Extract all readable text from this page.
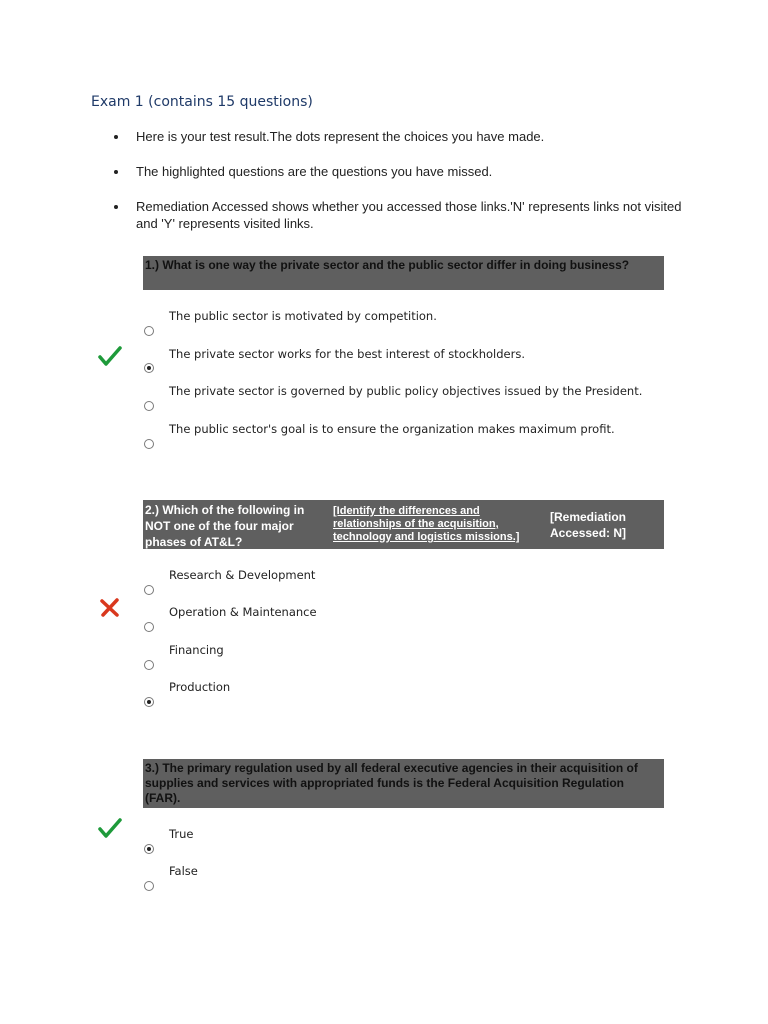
Exam 1 (contains 15 questions)
Here is your test result.The dots represent the choices you have made.
The highlighted questions are the questions you have missed.
Remediation Accessed shows whether you accessed those links.'N' represents links not visited and 'Y' represents visited links.
1.) What is one way the private sector and the public sector differ in doing business?
The public sector is motivated by competition.
The private sector works for the best interest of stockholders.
The private sector is governed by public policy objectives issued by the President.
The public sector's goal is to ensure the organization makes maximum profit.
2.) Which of the following in NOT one of the four major phases of AT&L?
[Identify the differences and relationships of the acquisition, technology and logistics missions.]
[Remediation Accessed: N]
Research & Development
Operation & Maintenance
Financing
Production
3.) The primary regulation used by all federal executive agencies in their acquisition of supplies and services with appropriated funds is the Federal Acquisition Regulation (FAR).
True
False
